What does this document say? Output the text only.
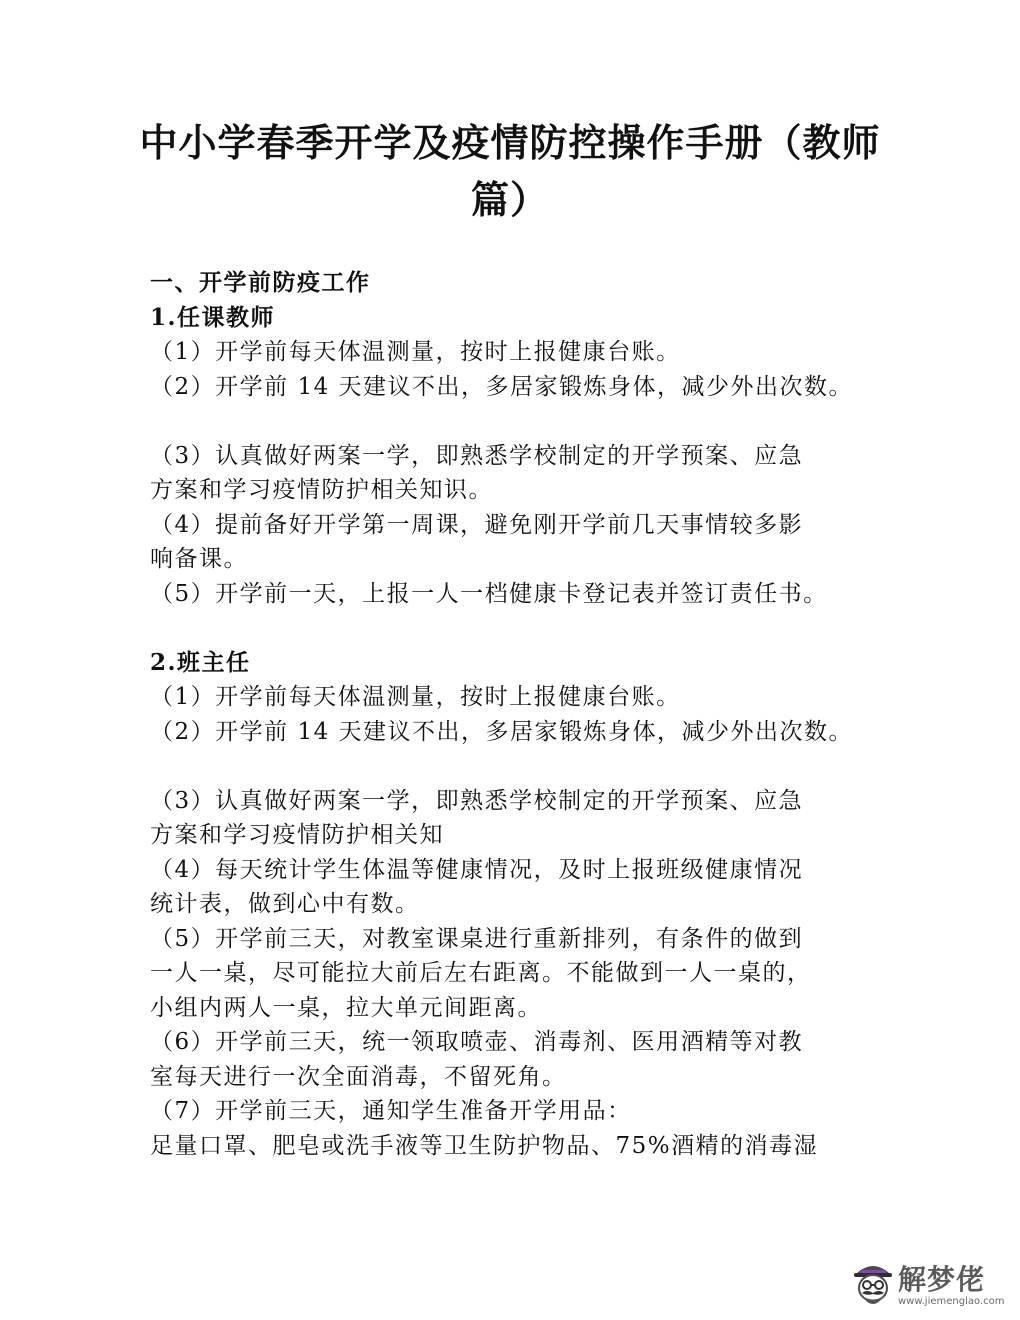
中小学春季开学及疫情防控操作手册（教师
篇）
一、开学前防疫工作
1.任课教师
（1）开学前每天体温测量，按时上报健康台账。
（2）开学前 14 天建议不出，多居家锻炼身体，减少外出次数。
（3）认真做好两案一学，即熟悉学校制定的开学预案、应急
方案和学习疫情防护相关知识。
（4）提前备好开学第一周课，避免刚开学前几天事情较多影
响备课。
（5）开学前一天，上报一人一档健康卡登记表并签订责任书。
2.班主任
（1）开学前每天体温测量，按时上报健康台账。
（2）开学前 14 天建议不出，多居家锻炼身体，减少外出次数。
（3）认真做好两案一学，即熟悉学校制定的开学预案、应急
方案和学习疫情防护相关知
（4）每天统计学生体温等健康情况，及时上报班级健康情况
统计表，做到心中有数。
（5）开学前三天，对教室课桌进行重新排列，有条件的做到
一人一桌，尽可能拉大前后左右距离。不能做到一人一桌的，
小组内两人一桌，拉大单元间距离。
（6）开学前三天，统一领取喷壶、消毒剂、医用酒精等对教
室每天进行一次全面消毒，不留死角。
（7）开学前三天，通知学生准备开学用品：
足量口罩、肥皂或洗手液等卫生防护物品、75%酒精的消毒湿
解梦佬
www.jiemenglao.com
